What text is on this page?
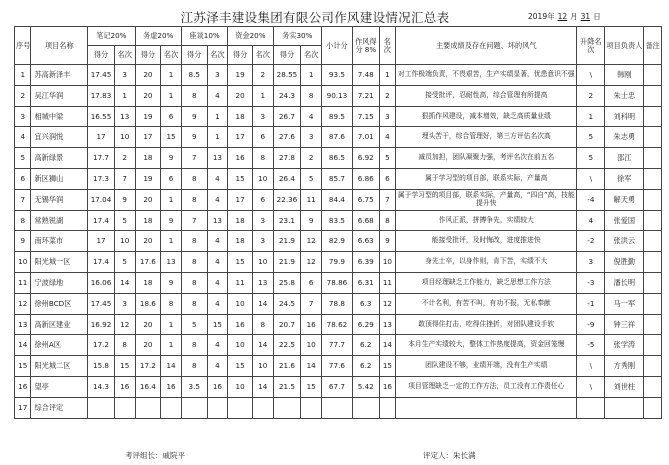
江苏泽丰建设集团有限公司作风建设情况汇总表	2019年 12 月 31 日
序号	项目名称	笔记20%		务虚20%		座谈10%		资金20%		务实30%		小计分	作风得分 8%	名次	主要成绩及存在问题、坏的风气	升降名次	项目负责人	备注
		得分	名次	得分	名次	得分	名次	得分	名次	得分	名次							
1	苏高新泽丰	17.45	3	20	1	8.5	3	19	2	28.55	1	93.5	7.48	1	对工作极端负责，不畏艰苦，生产实绩显著，忧患意识不强	\	韩刚	
2	吴江华润	17.83	1	20	1	8	4	20	1	24.3	8	90.13	7.21	2	接受批评，忍耐性高，综合管理有所提高	2	朱士忠	
3	相城中梁	16.55	13	19	6	9	1	18	3	26.7	4	89.5	7.15	3	狠抓作风建设，减本增效，缺乏高质量业绩	1	刘科明	
4	宜兴润悦	17	10	17	15	9	1	17	6	27.6	3	87.6	7.01	4	埋头苦干，综合管理好，第三方评估名次高	5	朱志勇	
5	高新绿景	17.7	2	18	9	7	13	16	8	27.8	2	86.5	6.92	5	减员加担，团队凝聚力强，考评名次在前五名	5	邵江	
6	新区狮山	17.3	7	19	6	8	4	15	10	26.4	5	85.7	6.86	6	属于学习型的项目部，联系实际，产量高	\	徐军	
7	无锡华润	17.04	9	20	1	8	4	17	6	22.36	11	84.4	6.75	7	属于学习型的项目部，联系实际，产量高，“四自”高，技能提升快	-4	解天勇	
8	常熟锐湖	17.4	5	18	9	7	13	18	3	23.1	9	83.5	6.68	8	作风正派，拼搏争先，实绩较大	4	张爱国	
9	南环菜市	17	10	20	1	8	4	18	3	21.9	12	82.9	6.63	9	能接受批评，及时悔改，进度推进快	-2	张洪云	
10	阳光城一区	17.4	5	17.6	13	8	4	15	10	21.9	12	79.9	6.39	10	身先士卒，以身作则，肯下苦，实绩不大	3	倪胜勤	
11	宁波绿地	16.06	14	18	9	8	4	11	13	25.8	6	78.86	6.31	11	项目经理缺乏工作能力，缺乏思想工作方法	-3	潘长明	
12	徐州BCD区	17.45	3	18.6	8	8	4	10	14	24.5	7	78.8	6.3	12	不计名利，有苦不叫，有功不报，无私奉献	-1	马一军	
13	高新区建业	16.92	12	20	1	5	15	16	8	20.7	16	78.62	6.29	13	敢顶得住打击，吃得住挫折，对团队建设手软	-9	钟三祥	
14	徐州A区	17.2	8	20	1	8	4	10	14	22.5	10	77.7	6.2	14	本月生产实绩较大，整体工作热度提高，资金回笼慢	-5	张学涛	
15	阳光城二区	15.8	15	17.2	14	8	4	15	10	21.6	14	77.6	6.2	15	团队建设不够，业绩开端，没有生产实绩	\	方秀刚	
16	望亭	14.3	16	16.4	16	3.5	16	10	14	21.5	15	67.7	5.42	16	项目管理缺乏一定的工作方法，员工没有工作责任心	\	刘世柱	
17	综合评定																	
考评组长：戚院平	评定人：朱长满
